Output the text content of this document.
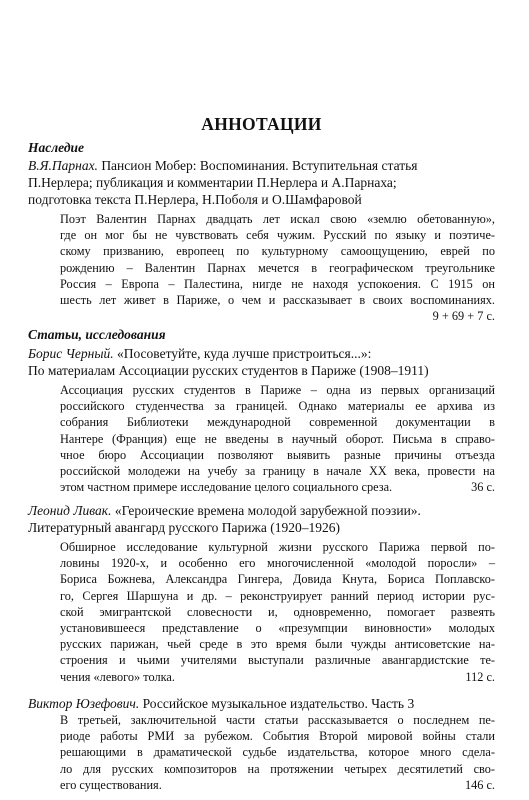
АННОТАЦИИ
Наследие
В.Я.Парнах. Пансион Мобер: Воспоминания. Вступительная статья
П.Нерлера; публикация и комментарии П.Нерлера и А.Парнаха;
подготовка текста П.Нерлера, Н.Поболя и О.Шамфаровой
Поэт Валентин Парнах двадцать лет искал свою «землю обетованную»,
где он мог бы не чувствовать себя чужим. Русский по языку и поэтиче-
скому призванию, европеец по культурному самоощущению, еврей по
рождению – Валентин Парнах мечется в географическом треугольнике
Россия – Европа – Палестина, нигде не находя успокоения. С 1915 он
шесть лет живет в Париже, о чем и рассказывает в своих воспоминаниях.
9 + 69 + 7 с.
Статьи, исследования
Борис Черный. «Посоветуйте, куда лучше пристроиться...»:
По материалам Ассоциации русских студентов в Париже (1908–1911)
Ассоциация русских студентов в Париже – одна из первых организаций
российского студенчества за границей. Однако материалы ее архива из
собрания Библиотеки международной современной документации в
Нантере (Франция) еще не введены в научный оборот. Письма в справо-
чное бюро Ассоциации позволяют выявить разные причины отъезда
российской молодежи на учебу за границу в начале XX века, провести на
этом частном примере исследование целого социального среза.	36 с.
Леонид Ливак. «Героические времена молодой зарубежной поэзии».
Литературный авангард русского Парижа (1920–1926)
Обширное исследование культурной жизни русского Парижа первой по-
ловины 1920-х, и особенно его многочисленной «молодой поросли» –
Бориса Божнева, Александра Гингера, Довида Кнута, Бориса Поплавско-
го, Сергея Шаршуна и др. – реконструирует ранний период истории рус-
ской эмигрантской словесности и, одновременно, помогает развеять
установившееся представление о «презумпции виновности» молодых
русских парижан, чьей среде в это время были чужды антисоветские на-
строения и чьими учителями выступали различные авангардистские те-
чения «левого» толка.	112 с.
Виктор Юзефович. Российское музыкальное издательство. Часть 3
В третьей, заключительной части статьи рассказывается о последнем пе-
риоде работы РМИ за рубежом. События Второй мировой войны стали
решающими в драматической судьбе издательства, которое много сдела-
ло для русских композиторов на протяжении четырех десятилетий сво-
его существования.	146 с.
